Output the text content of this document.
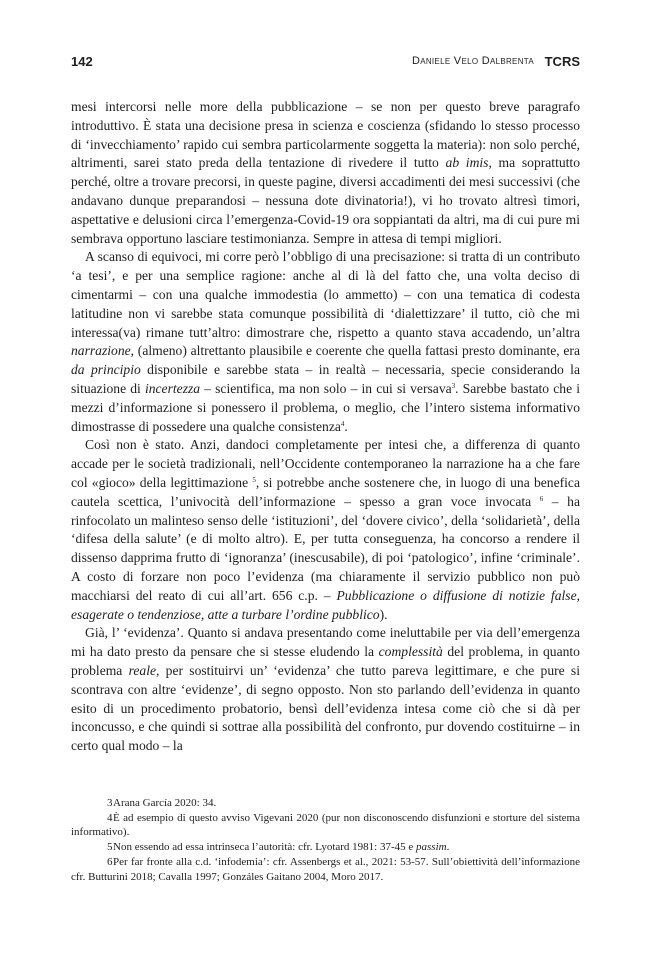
142	Daniele Velo Dalbrenta TCRS

mesi intercorsi nelle more della pubblicazione – se non per questo breve paragrafo introduttivo. È stata una decisione presa in scienza e coscienza (sfidando lo stesso processo di ‘invecchiamento’ rapido cui sembra particolarmente soggetta la materia): non solo perché, altrimenti, sarei stato preda della tentazione di rivedere il tutto ab imis, ma soprattutto perché, oltre a trovare precorsi, in queste pagine, diversi accadimenti dei mesi successivi (che andavano dunque preparandosi – nessuna dote divinatoria!), vi ho trovato altresì timori, aspettative e delusioni circa l’emergenza-Covid-19 ora soppiantati da altri, ma di cui pure mi sembrava opportuno lasciare testimonianza. Sempre in attesa di tempi migliori.

A scanso di equivoci, mi corre però l’obbligo di una precisazione: si tratta di un contributo ‘a tesi’, e per una semplice ragione: anche al di là del fatto che, una volta deciso di cimentarmi – con una qualche immodestia (lo ammetto) – con una tematica di codesta latitudine non vi sarebbe stata comunque possibilità di ‘dialettizzare’ il tutto, ciò che mi interessa(va) rimane tutt’altro: dimostrare che, rispetto a quanto stava accadendo, un’altra narrazione, (almeno) altrettanto plausibile e coerente che quella fattasi presto dominante, era da principio disponibile e sarebbe stata – in realtà – necessaria, specie considerando la situazione di incertezza – scientifica, ma non solo – in cui si versava$^3$. Sarebbe bastato che i mezzi d’informazione si ponessero il problema, o meglio, che l’intero sistema informativo dimostrasse di possedere una qualche consistenza$^4$.

Così non è stato. Anzi, dandoci completamente per intesi che, a differenza di quanto accade per le società tradizionali, nell’Occidente contemporaneo la narrazione ha a che fare col «gioco» della legittimazione $^5$, si potrebbe anche sostenere che, in luogo di una benefica cautela scettica, l’univocità dell’informazione – spesso a gran voce invocata $^6$ – ha rinfocolato un malinteso senso delle ‘istituzioni’, del ‘dovere civico’, della ‘solidarietà’, della ‘difesa della salute’ (e di molto altro). E, per tutta conseguenza, ha concorso a rendere il dissenso dapprima frutto di ‘ignoranza’ (inescusabile), di poi ‘patologico’, infine ‘criminale’. A costo di forzare non poco l’evidenza (ma chiaramente il servizio pubblico non può macchiarsi del reato di cui all’art. 656 c.p. – Pubblicazione o diffusione di notizie false, esagerate o tendenziose, atte a turbare l’ordine pubblico).

Già, l’ ‘evidenza’. Quanto si andava presentando come ineluttabile per via dell’emergenza mi ha dato presto da pensare che si stesse eludendo la complessità del problema, in quanto problema reale, per sostituirvi un’ ‘evidenza’ che tutto pareva legittimare, e che pure si scontrava con altre ‘evidenze’, di segno opposto. Non sto parlando dell’evidenza in quanto esito di un procedimento probatorio, bensì dell’evidenza intesa come ciò che si dà per inconcusso, e che quindi si sottrae alla possibilità del confronto, pur dovendo costituirne – in certo qual modo – la

3Arana García 2020: 34.

4È ad esempio di questo avviso Vigevani 2020 (pur non disconoscendo disfunzioni e storture del sistema informativo).

5Non essendo ad essa intrinseca l’autorità: cfr. Lyotard 1981: 37-45 e passim.

6Per far fronte alla c.d. ‘infodemia’: cfr. Assenbergs et al., 2021: 53-57. Sull’obiettività dell’informazione cfr. Butturini 2018; Cavalla 1997; Gonzáles Gaitano 2004, Moro 2017.
